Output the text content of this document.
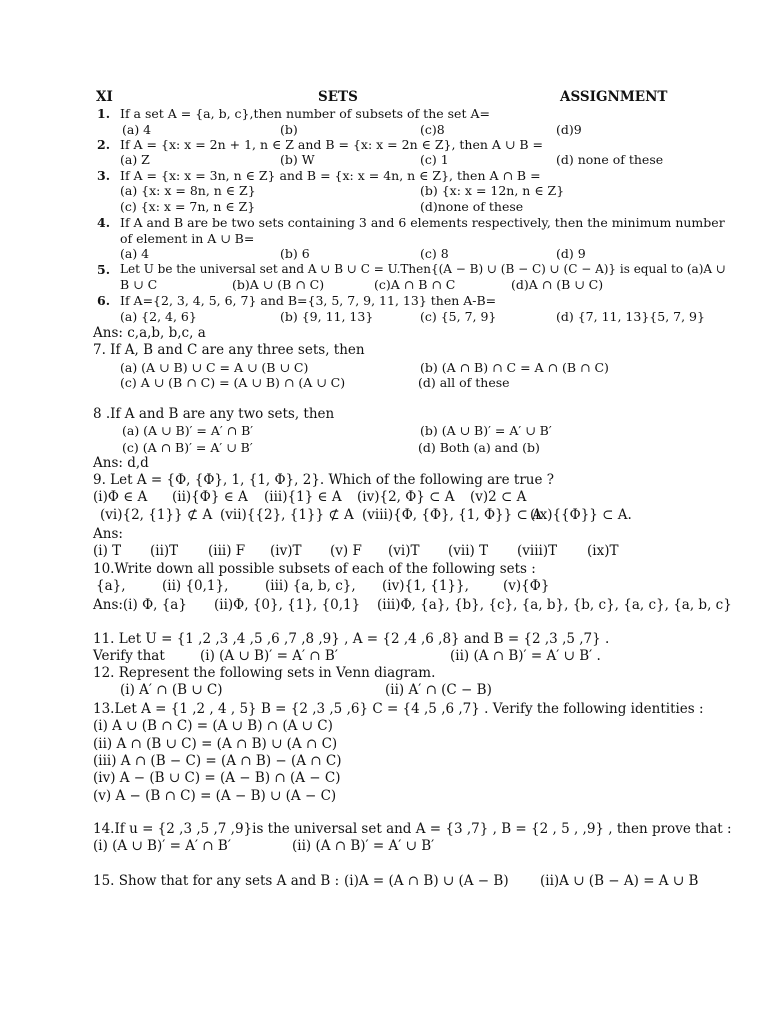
XI	SETS	ASSIGNMENT
1. If a set A = {a, b, c},then number of subsets of the set A=
(a) 4	(b)	(c)8	(d)9
2. If A = {x: x = 2n + 1, n ∈ Z and B = {x: x = 2n ∈ Z}, then A ∪ B =
(a) Z	(b) W	(c) 1	(d) none of these
3. If A = {x: x = 3n, n ∈ Z} and B = {x: x = 4n, n ∈ Z}, then A ∩ B =
(a) {x: x = 8n, n ∈ Z}	(b) {x: x = 12n, n ∈ Z}
(c) {x: x = 7n, n ∈ Z}	(d)none of these
4. If A and B are be two sets containing 3 and 6 elements respectively, then the minimum number
of element in A ∪ B=
(a) 4	(b) 6	(c) 8	(d) 9
5. Let U be the universal set and A ∪ B ∪ C = U.Then{(A − B) ∪ (B − C) ∪ (C − A)} is equal to (a)A ∪
B ∪ C	(b)A ∪ (B ∩ C)	(c)A ∩ B ∩ C	(d)A ∩ (B ∪ C)
6. If A={2, 3, 4, 5, 6, 7} and B={3, 5, 7, 9, 11, 13} then A-B=
(a) {2, 4, 6}	(b) {9, 11, 13}	(c) {5, 7, 9}	(d) {7, 11, 13}{5, 7, 9}
Ans: c,a,b, b,c, a
7. If A, B and C are any three sets, then
(a) (A ∪ B) ∪ C = A ∪ (B ∪ C)	(b) (A ∩ B) ∩ C = A ∩ (B ∩ C)
(c) A ∪ (B ∩ C) = (A ∪ B) ∩ (A ∪ C)	(d) all of these
8 .If A and B are any two sets, then
(a) (A ∪ B)′ = A′ ∩ B′	(b) (A ∪ B)′ = A′ ∪ B′
(c) (A ∩ B)′ = A′ ∪ B′	(d) Both (a) and (b)
Ans: d,d
9. Let A = {Φ, {Φ}, 1, {1, Φ}, 2}. Which of the following are true ?
(i)Φ ∈ A (ii){Φ} ∈ A (iii){1} ∈ A (iv){2, Φ} ⊂ A (v)2 ⊂ A
(vi){2, {1}} ⊄ A (vii){{2}, {1}} ⊄ A (viii){Φ, {Φ}, {1, Φ}} ⊂ A
(ix){{Φ}} ⊂ A.
Ans:
(i) T (ii)T (iii) F (iv)T (v) F (vi)T (vii) T (viii)T (ix)T
10.Write down all possible subsets of each of the following sets :
{a},	(ii) {0,1},	(iii) {a, b, c}, (iv){1, {1}},	(v){Φ}
Ans:(i) Φ, {a} (ii)Φ, {0}, {1}, {0,1} (iii)Φ, {a}, {b}, {c}, {a, b}, {b, c}, {a, c}, {a, b, c}
11. Let U = {1 ,2 ,3 ,4 ,5 ,6 ,7 ,8 ,9} , A = {2 ,4 ,6 ,8} and B = {2 ,3 ,5 ,7} .
Verify that	(i) (A ∪ B)′ = A′ ∩ B′	(ii) (A ∩ B)′ = A′ ∪ B′ .
12. Represent the following sets in Venn diagram.
(i) A′ ∩ (B ∪ C)	(ii) A′ ∩ (C − B)
13.Let A = {1 ,2 , 4 , 5} B = {2 ,3 ,5 ,6} C = {4 ,5 ,6 ,7} . Verify the following identities :
(i) A ∪ (B ∩ C) = (A ∪ B) ∩ (A ∪ C)
(ii) A ∩ (B ∪ C) = (A ∩ B) ∪ (A ∩ C)
(iii) A ∩ (B − C) = (A ∩ B) − (A ∩ C)
(iv) A − (B ∪ C) = (A − B) ∩ (A − C)
(v) A − (B ∩ C) = (A − B) ∪ (A − C)
14.If u = {2 ,3 ,5 ,7 ,9}is the universal set and A = {3 ,7} , B = {2 , 5 , ,9} , then prove that :
(i) (A ∪ B)′ = A′ ∩ B′	(ii) (A ∩ B)′ = A′ ∪ B′
15. Show that for any sets A and B : (i)A = (A ∩ B) ∪ (A − B) (ii)A ∪ (B − A) = A ∪ B
